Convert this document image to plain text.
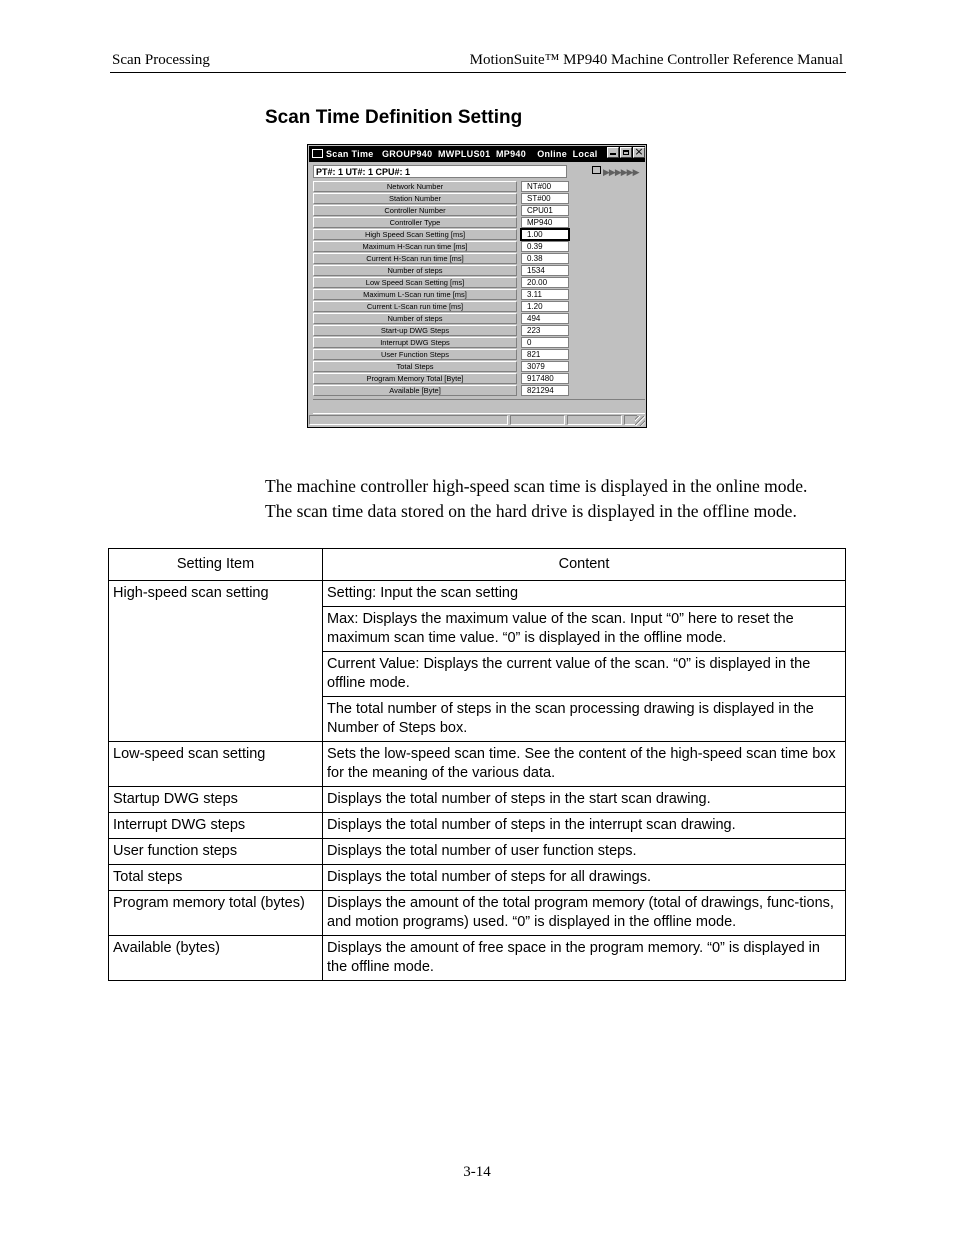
Scan Processing	MotionSuite™ MP940 Machine Controller Reference Manual
Scan Time Definition Setting
Scan Time   GROUP940  MWPLUS01  MP940    Online  Local
×
PT#: 1 UT#: 1 CPU#: 1	▶▶▶▶▶▶
Network Number	NT#00
Station Number	ST#00
Controller Number	CPU01
Controller Type	MP940
High Speed Scan Setting [ms]	1.00
Maximum H-Scan run time [ms]	0.39
Current H-Scan run time [ms]	0.38
Number of steps	1534
Low Speed Scan Setting [ms]	20.00
Maximum L-Scan run time [ms]	3.11
Current L-Scan run time [ms]	1.20
Number of steps	494
Start-up DWG Steps	223
Interrupt DWG Steps	0
User Function Steps	821
Total Steps	3079
Program Memory Total [Byte]	917480
Available [Byte]	821294
The machine controller high-speed scan time is displayed in the online mode.
The scan time data stored on the hard drive is displayed in the offline mode.
Setting Item	Content
High-speed scan setting	Setting: Input the scan setting
	Max: Displays the maximum value of the scan. Input “0” here to reset the maximum scan time value. “0” is displayed in the offline mode.
	Current Value: Displays the current value of the scan. “0” is displayed in the offline mode.
	The total number of steps in the scan processing drawing is displayed in the Number of Steps box.
Low-speed scan setting	Sets the low-speed scan time. See the content of the high-speed scan time box for the meaning of the various data.
Startup DWG steps	Displays the total number of steps in the start scan drawing.
Interrupt DWG steps	Displays the total number of steps in the interrupt scan drawing.
User function steps	Displays the total number of user function steps.
Total steps	Displays the total number of steps for all drawings.
Program memory total (bytes)	Displays the amount of the total program memory (total of drawings, func-tions, and motion programs) used. “0” is displayed in the offline mode.
Available (bytes)	Displays the amount of free space in the program memory. “0” is displayed in the offline mode.
3-14
